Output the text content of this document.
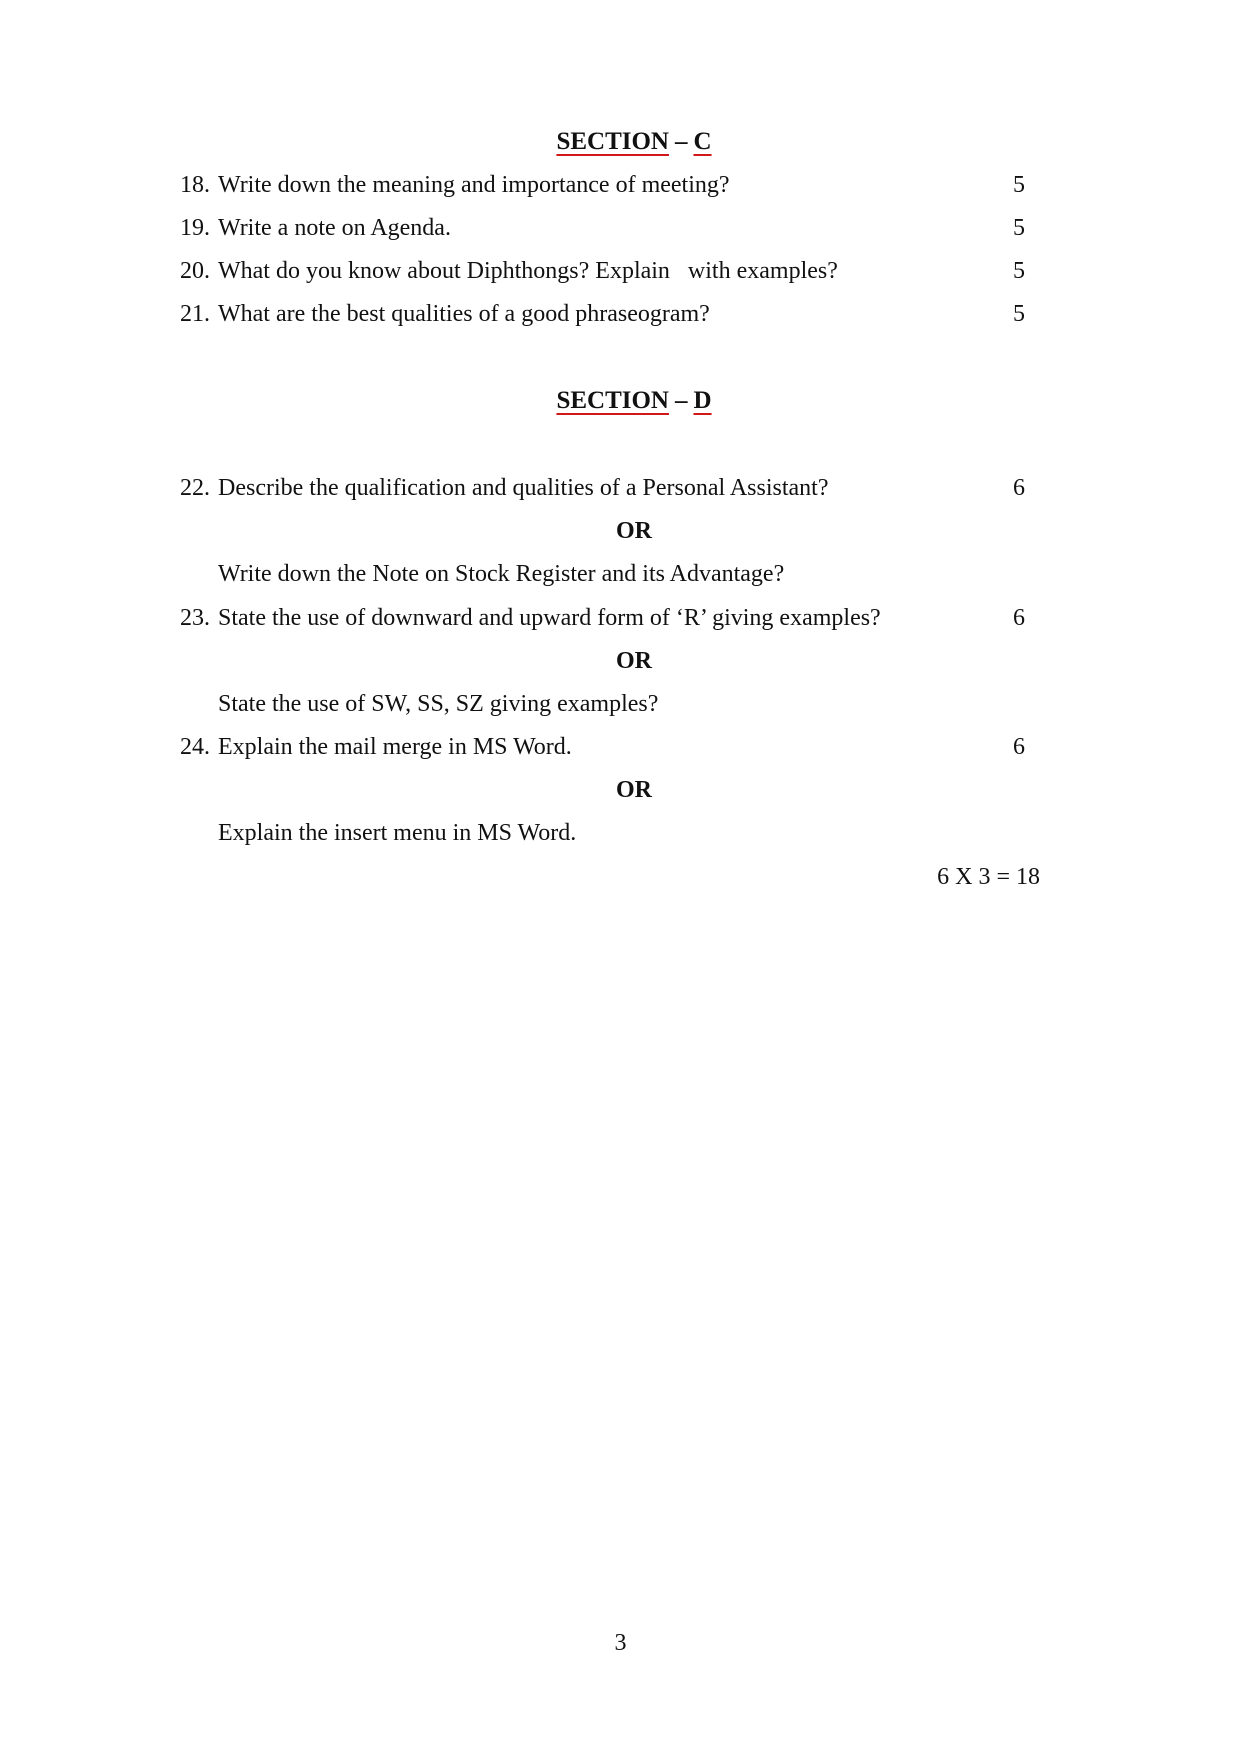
SECTION – C
18. Write down the meaning and importance of meeting?	5
19. Write a note on Agenda.	5
20. What do you know about Diphthongs? Explain   with examples?	5
21. What are the best qualities of a good phraseogram?	5
SECTION – D
22. Describe the qualification and qualities of a Personal Assistant?	6
OR
Write down the Note on Stock Register and its Advantage?
23. State the use of downward and upward form of ‘R’ giving examples?	6
OR
State the use of SW, SS, SZ giving examples?
24. Explain the mail merge in MS Word.	6
OR
Explain the insert menu in MS Word.
6 X 3 = 18
3
